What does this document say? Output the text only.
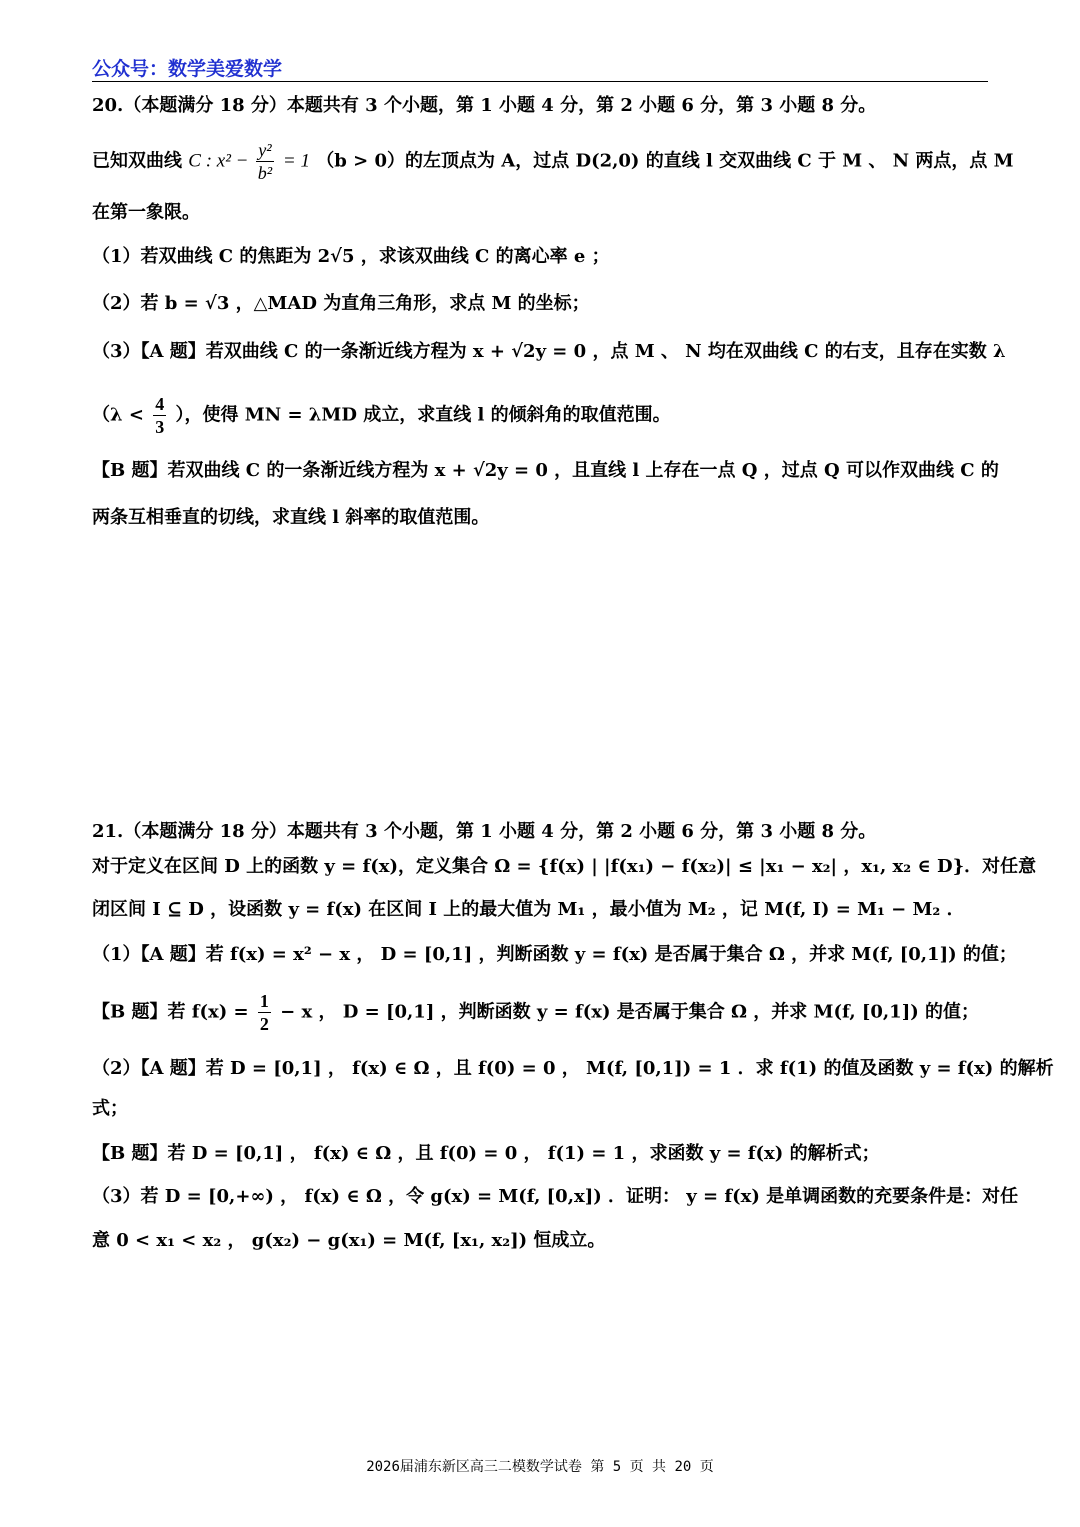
公众号：数学美爱数学
20.（本题满分 18 分）本题共有 3 个小题，第 1 小题 4 分，第 2 小题 6 分，第 3 小题 8 分。
已知双曲线 C : $x^2 - \frac{\text{y²}}{\text{b²}} = 1$ （b > 0）的左顶点为 A，过点 D(2,0) 的直线 l 交双曲线 C 于 M 、 N 两点，点 M
在第一象限。
（1）若双曲线 C 的焦距为 2√5 ，求该双曲线 C 的离心率 e ；
（2）若 b = √3 ，△MAD 为直角三角形，求点 M 的坐标；
（3）【A 题】若双曲线 C 的一条渐近线方程为 x + √2y = 0 ，点 M 、 N 均在双曲线 C 的右支，且存在实数 λ
（$\lambda < \frac{4}{3}$ ），使得 MN = λMD 成立，求直线 l 的倾斜角的取值范围。
【B 题】若双曲线 C 的一条渐近线方程为 x + √2y = 0 ，且直线 l 上存在一点 Q ，过点 Q 可以作双曲线 C 的
两条互相垂直的切线，求直线 l 斜率的取值范围。
21.（本题满分 18 分）本题共有 3 个小题，第 1 小题 4 分，第 2 小题 6 分，第 3 小题 8 分。
对于定义在区间 D 上的函数 y = f(x)，定义集合 Ω = {f(x) | |f(x₁) − f(x₂)| ≤ |x₁ − x₂| ，x₁, x₂ ∈ D}．对任意
闭区间 I ⊆ D ，设函数 y = f(x) 在区间 I 上的最大值为 M₁ ，最小值为 M₂ ，记 M(f, I) = M₁ − M₂ ．
（1）【A 题】若 f(x) = x² − x ， D = [0,1] ，判断函数 y = f(x) 是否属于集合 Ω ，并求 M(f, [0,1]) 的值；
【B 题】若 $f(x) = \frac{1}{2} - x$ ， D = [0,1] ，判断函数 y = f(x) 是否属于集合 Ω ，并求 M(f, [0,1]) 的值；
（2）【A 题】若 D = [0,1] ， f(x) ∈ Ω ，且 f(0) = 0 ， M(f, [0,1]) = 1 ．求 f(1) 的值及函数 y = f(x) 的解析
式；
【B 题】若 D = [0,1] ， f(x) ∈ Ω ，且 f(0) = 0 ， f(1) = 1 ，求函数 y = f(x) 的解析式；
（3）若 D = [0,+∞) ， f(x) ∈ Ω ，令 g(x) = M(f, [0,x]) ．证明： y = f(x) 是单调函数的充要条件是：对任
意 0 < x₁ < x₂ ， g(x₂) − g(x₁) = M(f, [x₁, x₂]) 恒成立。
2026届浦东新区高三二模数学试卷 第 5 页 共 20 页
